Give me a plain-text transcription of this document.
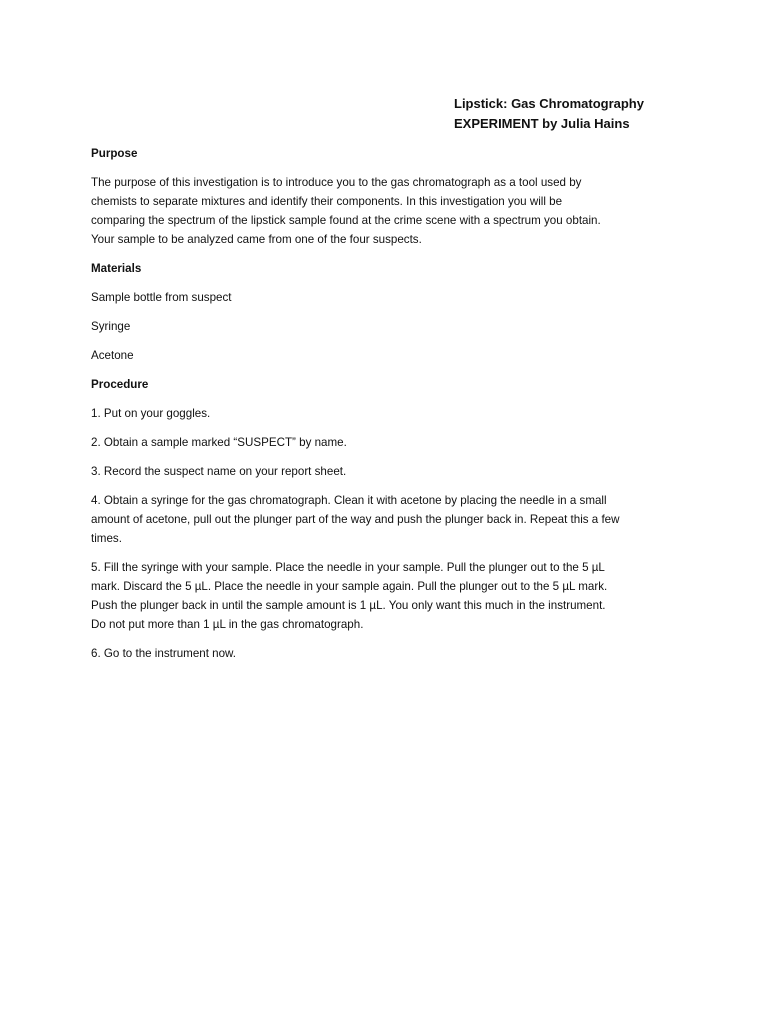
Lipstick: Gas Chromatography
EXPERIMENT by Julia Hains
Purpose
The purpose of this investigation is to introduce you to the gas chromatograph as a tool used by
chemists to separate mixtures and identify their components. In this investigation you will be
comparing the spectrum of the lipstick sample found at the crime scene with a spectrum you obtain.
Your sample to be analyzed came from one of the four suspects.
Materials
Sample bottle from suspect
Syringe
Acetone
Procedure
1. Put on your goggles.
2. Obtain a sample marked “SUSPECT” by name.
3. Record the suspect name on your report sheet.
4. Obtain a syringe for the gas chromatograph. Clean it with acetone by placing the needle in a small
amount of acetone, pull out the plunger part of the way and push the plunger back in. Repeat this a few
times.
5. Fill the syringe with your sample. Place the needle in your sample. Pull the plunger out to the 5 µL
mark. Discard the 5 µL. Place the needle in your sample again. Pull the plunger out to the 5 µL mark.
Push the plunger back in until the sample amount is 1 µL. You only want this much in the instrument.
Do not put more than 1 µL in the gas chromatograph.
6. Go to the instrument now.
